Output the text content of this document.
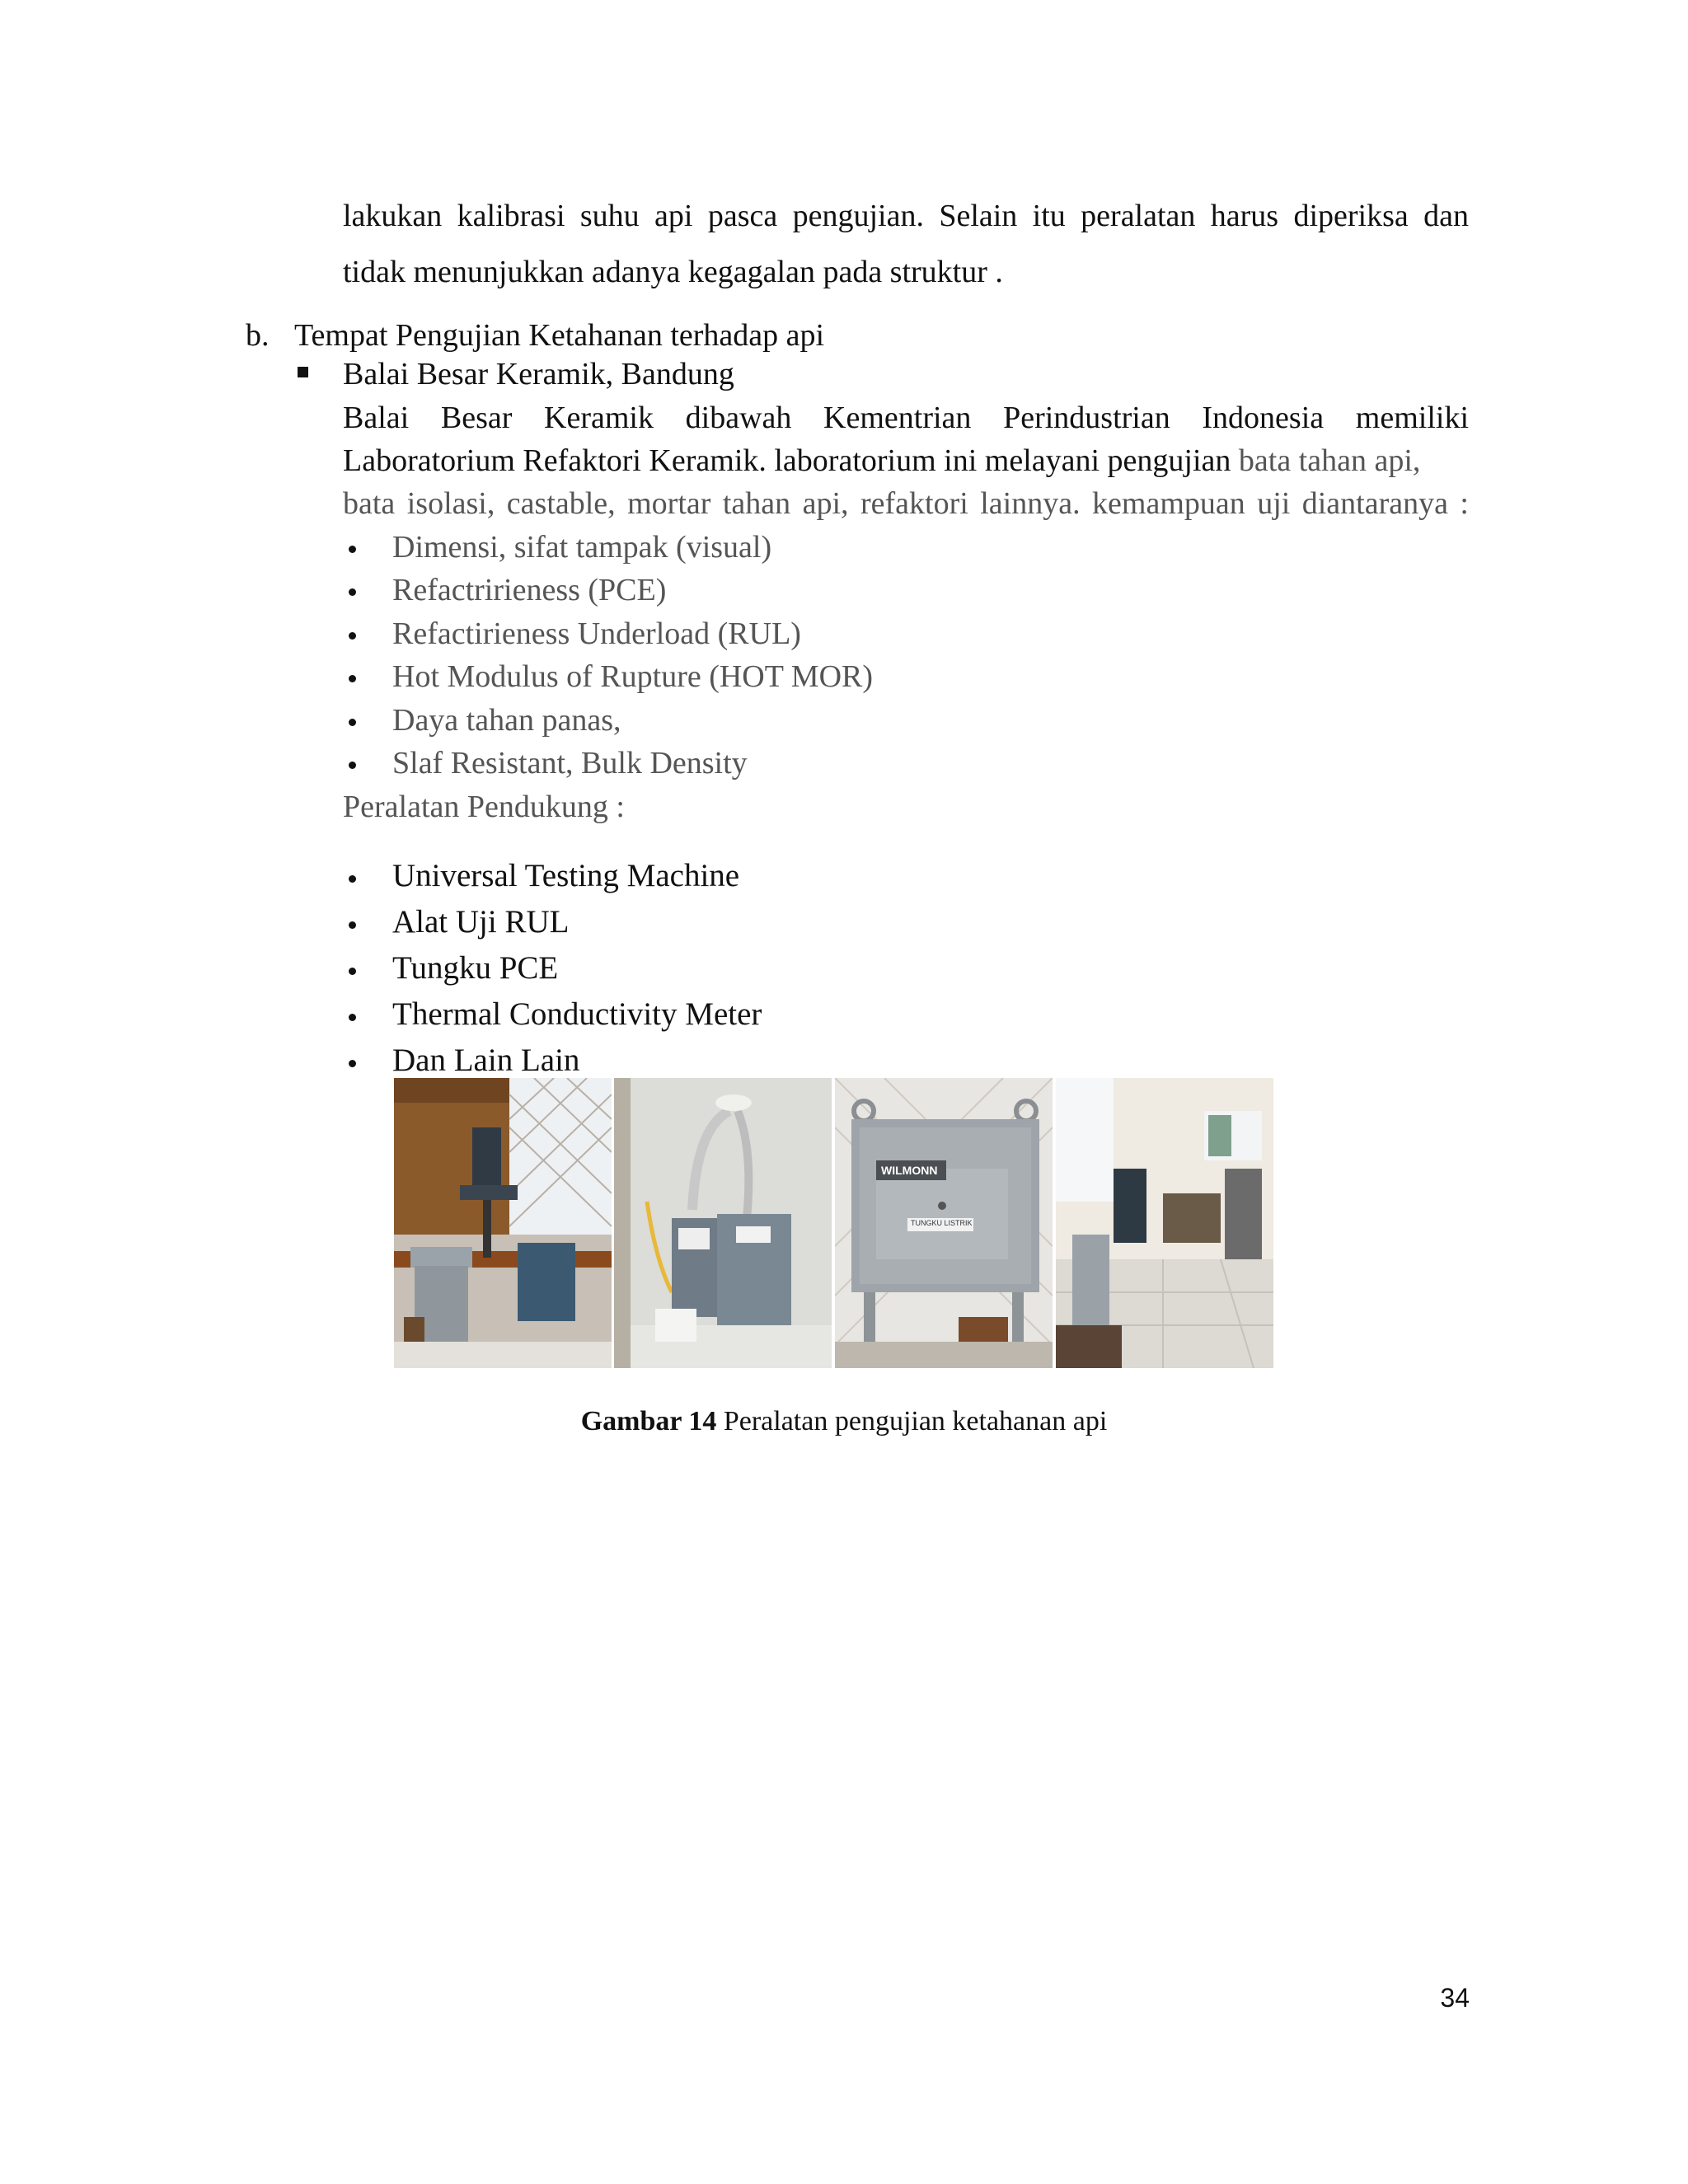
lakukan kalibrasi suhu api pasca pengujian. Selain itu peralatan harus diperiksa dan
tidak menunjukkan adanya kegagalan pada struktur .
b. Tempat Pengujian Ketahanan terhadap api
Balai Besar Keramik, Bandung
Balai Besar Keramik dibawah Kementrian Perindustrian Indonesia memiliki
Laboratorium Refaktori Keramik. laboratorium ini melayani pengujian bata tahan api,
bata isolasi, castable, mortar tahan api, refaktori lainnya. kemampuan uji diantaranya :
Dimensi, sifat tampak (visual)
Refactririeness (PCE)
Refactirieness Underload (RUL)
Hot Modulus of Rupture (HOT MOR)
Daya tahan panas,
Slaf Resistant, Bulk Density
Peralatan Pendukung :
Universal Testing Machine
Alat Uji RUL
Tungku PCE
Thermal Conductivity Meter
Dan Lain Lain
WILMONN
TUNGKU LISTRIK
Gambar 14 Peralatan pengujian ketahanan api
34
